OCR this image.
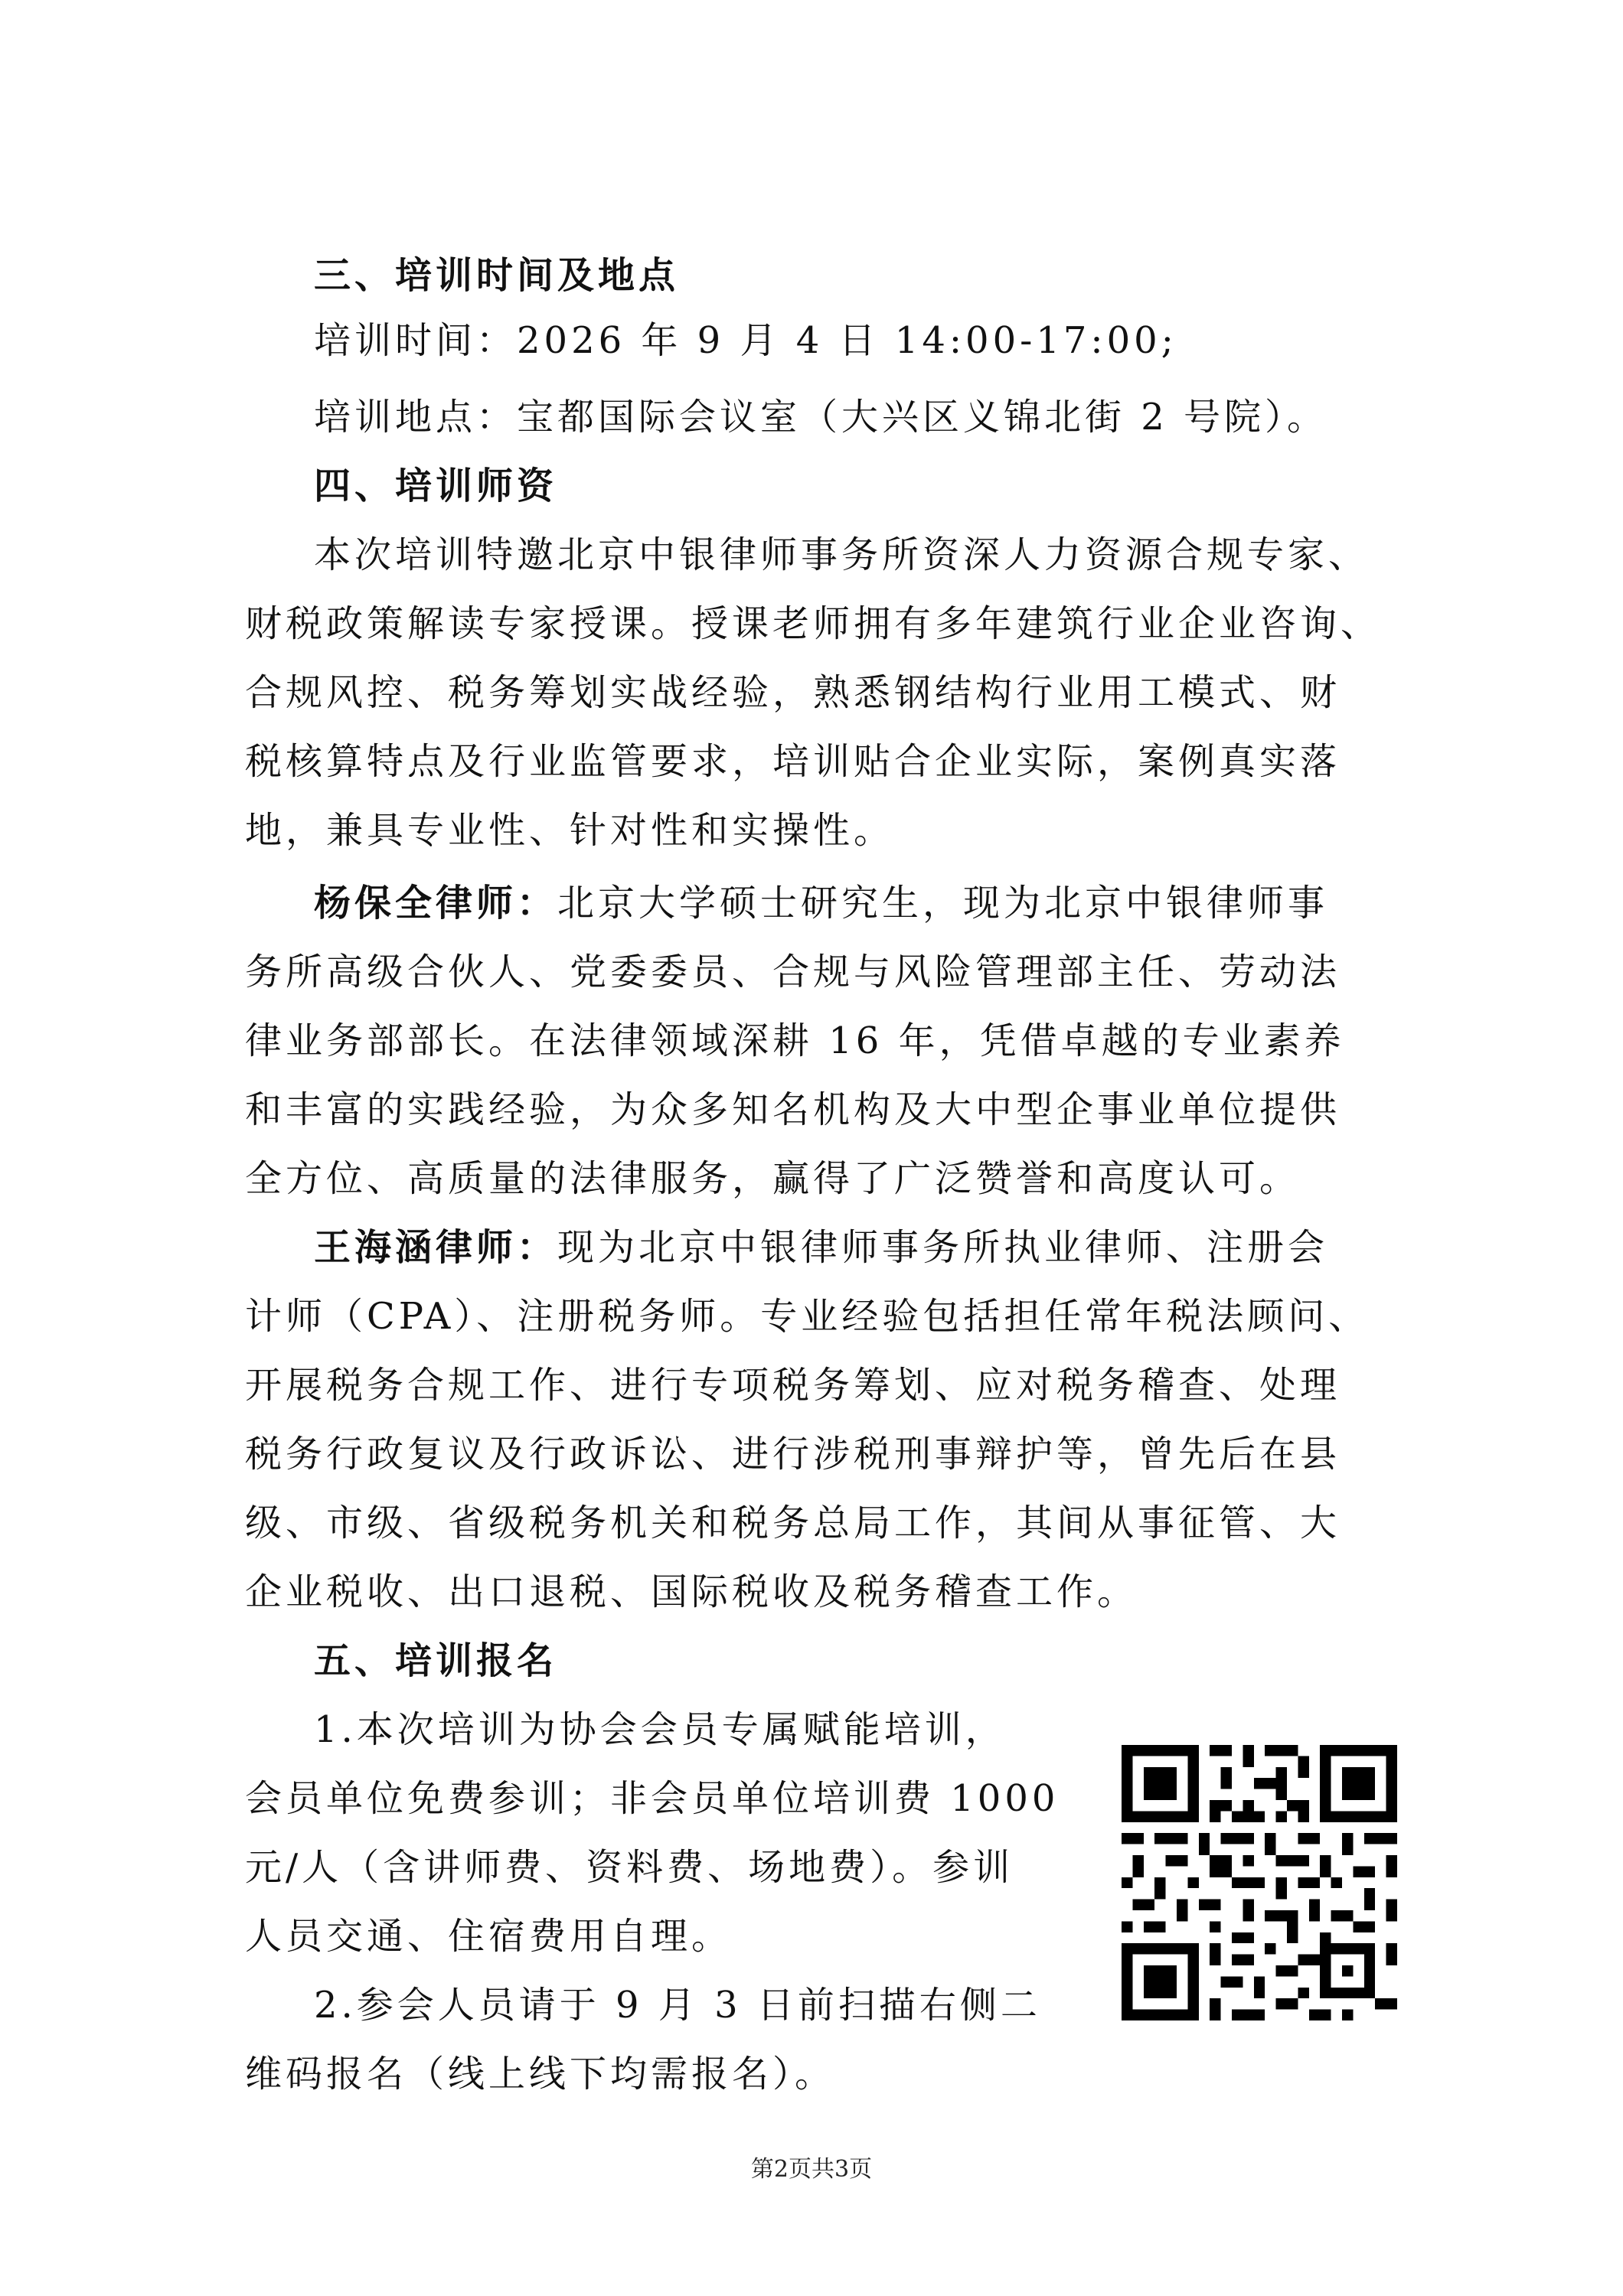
三、培训时间及地点
培训时间：2026 年 9 月 4 日 14:00-17:00;
培训地点：宝都国际会议室（大兴区义锦北街 2 号院）。
四、培训师资
本次培训特邀北京中银律师事务所资深人力资源合规专家、
财税政策解读专家授课。授课老师拥有多年建筑行业企业咨询、
合规风控、税务筹划实战经验，熟悉钢结构行业用工模式、财
税核算特点及行业监管要求，培训贴合企业实际，案例真实落
地，兼具专业性、针对性和实操性。
杨保全律师：北京大学硕士研究生，现为北京中银律师事
务所高级合伙人、党委委员、合规与风险管理部主任、劳动法
律业务部部长。在法律领域深耕 16 年，凭借卓越的专业素养
和丰富的实践经验，为众多知名机构及大中型企事业单位提供
全方位、高质量的法律服务，赢得了广泛赞誉和高度认可。
王海涵律师：现为北京中银律师事务所执业律师、注册会
计师（CPA）、注册税务师。专业经验包括担任常年税法顾问、
开展税务合规工作、进行专项税务筹划、应对税务稽查、处理
税务行政复议及行政诉讼、进行涉税刑事辩护等，曾先后在县
级、市级、省级税务机关和税务总局工作，其间从事征管、大
企业税收、出口退税、国际税收及税务稽查工作。
五、培训报名
1.本次培训为协会会员专属赋能培训，
会员单位免费参训；非会员单位培训费 1000
元/人（含讲师费、资料费、场地费）。参训
人员交通、住宿费用自理。
2.参会人员请于 9 月 3 日前扫描右侧二
维码报名（线上线下均需报名）。
第2页共3页
